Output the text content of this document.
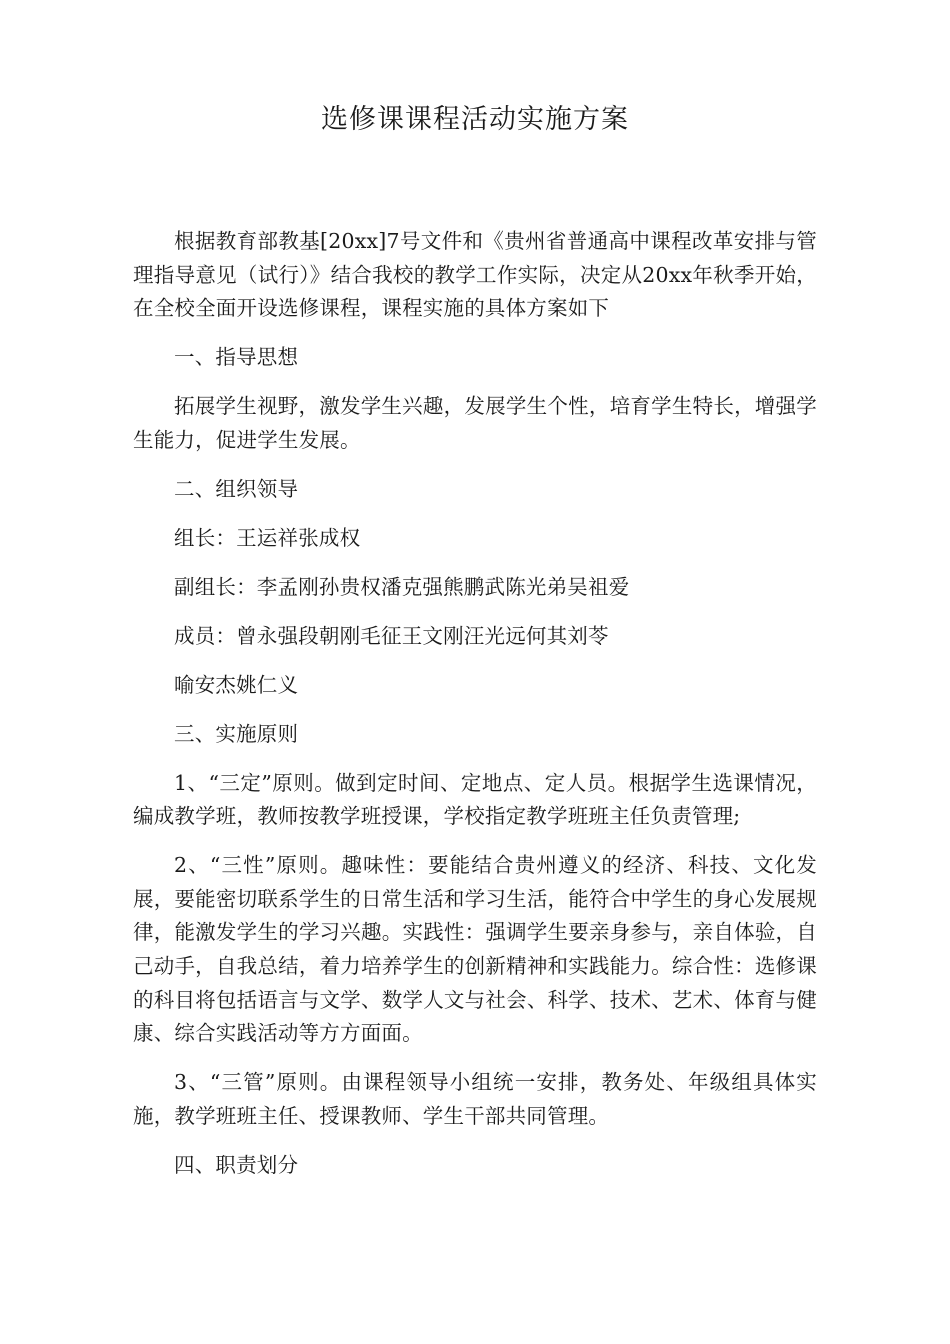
选修课课程活动实施方案

根据教育部教基[20xx]7号文件和《贵州省普通高中课程改革安排与管理指导意见（试行）》结合我校的教学工作实际，决定从20xx年秋季开始，在全校全面开设选修课程，课程实施的具体方案如下

一、指导思想

拓展学生视野，激发学生兴趣，发展学生个性，培育学生特长，增强学生能力，促进学生发展。

二、组织领导

组长：王运祥张成权

副组长：李孟刚孙贵权潘克强熊鹏武陈光弟吴祖爱

成员：曾永强段朝刚毛征王文刚汪光远何其刘苓

喻安杰姚仁义

三、实施原则

1、“三定”原则。做到定时间、定地点、定人员。根据学生选课情况，编成教学班，教师按教学班授课，学校指定教学班班主任负责管理;

2、“三性”原则。趣味性：要能结合贵州遵义的经济、科技、文化发展，要能密切联系学生的日常生活和学习生活，能符合中学生的身心发展规律，能激发学生的学习兴趣。实践性：强调学生要亲身参与，亲自体验，自己动手，自我总结，着力培养学生的创新精神和实践能力。综合性：选修课的科目将包括语言与文学、数学人文与社会、科学、技术、艺术、体育与健康、综合实践活动等方方面面。

3、“三管”原则。由课程领导小组统一安排，教务处、年级组具体实施，教学班班主任、授课教师、学生干部共同管理。

四、职责划分
